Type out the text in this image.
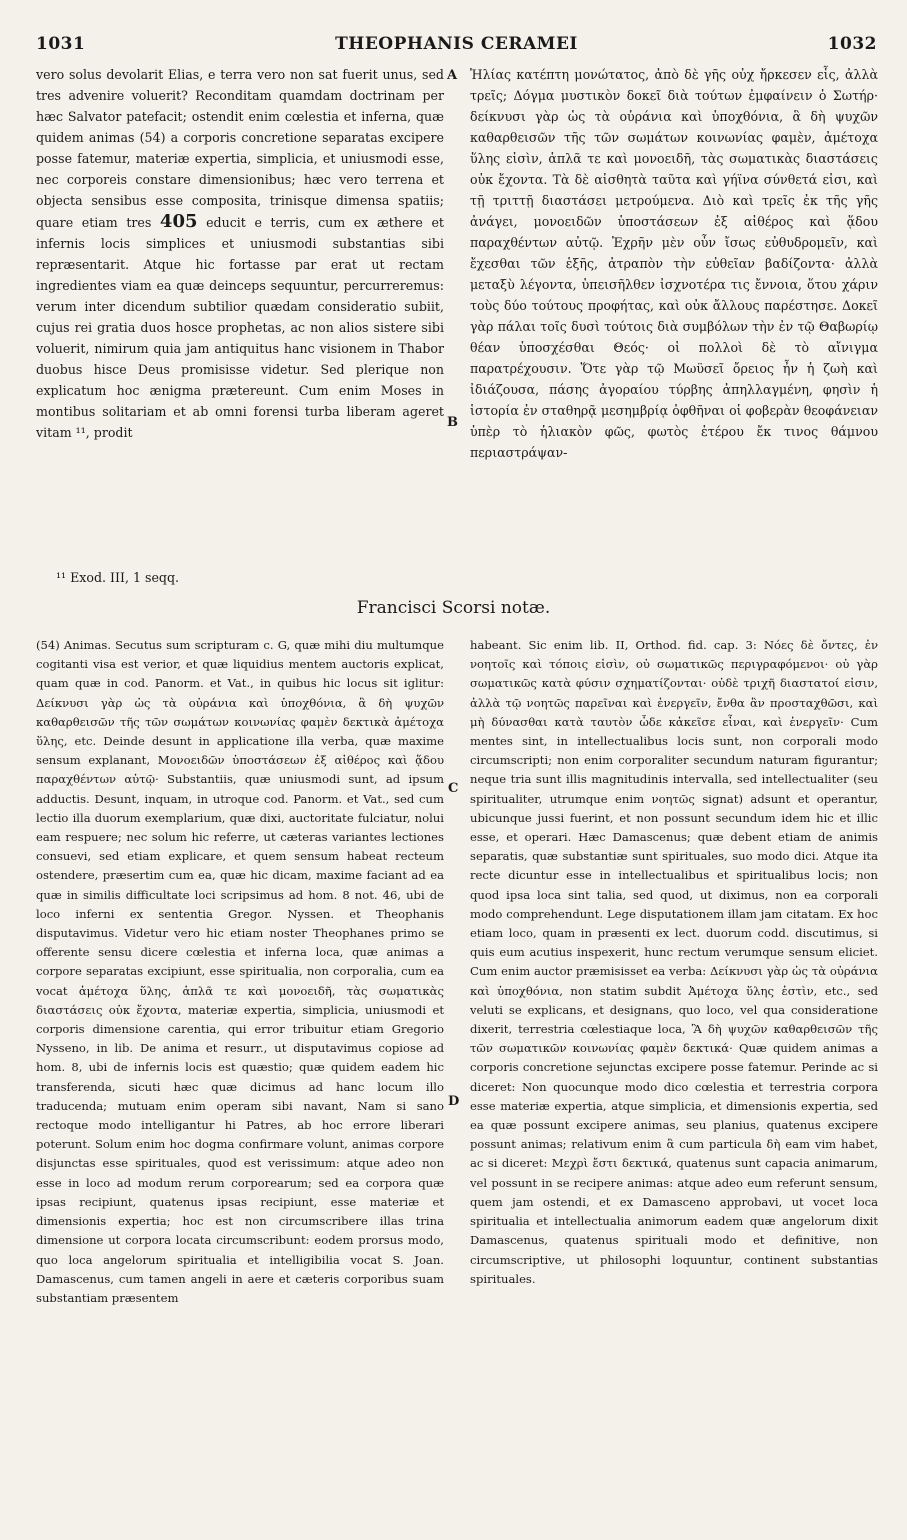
1031	THEOPHANIS CERAMEI	1032

vero solus devolarit Elias, e terra vero non sat fuerit unus, sed tres advenire voluerit? Reconditam quamdam doctrinam per hæc Salvator patefacit; ostendit enim cœlestia et inferna, quæ quidem animas (54) a corporis concretione separatas excipere posse fatemur, materiæ expertia, simplicia, et uniusmodi esse, nec corporeis constare dimensionibus; hæc vero terrena et objecta sensibus esse composita, trinisque dimensa spatiis; quare etiam tres 405 educit e terris, cum ex æthere et infernis locis simplices et uniusmodi substantias sibi repræsentarit. Atque hic fortasse par erat ut rectam ingredientes viam ea quæ deinceps sequuntur, percurreremus: verum inter dicendum subtilior quædam consideratio subiit, cujus rei gratia duos hosce prophetas, ac non alios sistere sibi voluerit, nimirum quia jam antiquitus hanc visionem in Thabor duobus hisce Deus promisisse videtur. Sed plerique non explicatum hoc ænigma prætereunt. Cum enim Moses in montibus solitariam et ab omni forensi turba liberam ageret vitam ¹¹, prodit

A
B

Ἠλίας κατέπτη μονώτατος, ἀπὸ δὲ γῆς οὐχ ἤρκεσεν εἷς, ἀλλὰ τρεῖς; Δόγμα μυστικὸν δοκεῖ διὰ τούτων ἐμφαίνειν ὁ Σωτήρ· δείκνυσι γὰρ ὡς τὰ οὐράνια καὶ ὑποχθόνια, ἃ δὴ ψυχῶν καθαρθεισῶν τῆς τῶν σωμάτων κοινωνίας φαμὲν, ἀμέτοχα ὕλης εἰσὶν, ἁπλᾶ τε καὶ μονοειδῆ, τὰς σωματικὰς διαστάσεις οὐκ ἔχοντα. Τὰ δὲ αἰσθητὰ ταῦτα καὶ γήϊνα σύνθετά εἰσι, καὶ τῇ τριττῇ διαστάσει μετρούμενα. Διὸ καὶ τρεῖς ἐκ τῆς γῆς ἀνάγει, μονοειδῶν ὑποστάσεων ἐξ αἰθέρος καὶ ᾅδου παραχθέντων αὐτῷ. Ἐχρῆν μὲν οὖν ἴσως εὐθυδρομεῖν, καὶ ἔχεσθαι τῶν ἑξῆς, ἀτραπὸν τὴν εὐθεῖαν βαδίζοντα· ἀλλὰ μεταξὺ λέγοντα, ὑπεισῆλθεν ἰσχνοτέρα τις ἔννοια, ὅτου χάριν τοὺς δύο τούτους προφήτας, καὶ οὐκ ἄλλους παρέστησε. Δοκεῖ γὰρ πάλαι τοῖς δυσὶ τούτοις διὰ συμβόλων τὴν ἐν τῷ Θαβωρίῳ θέαν ὑποσχέσθαι Θεός· οἱ πολλοὶ δὲ τὸ αἴνιγμα παρατρέχουσιν. Ὅτε γὰρ τῷ Μωϋσεῖ ὄρειος ἦν ἡ ζωὴ καὶ ἰδιάζουσα, πάσης ἀγοραίου τύρβης ἀπηλλαγμένη, φησὶν ἡ ἱστορία ἐν σταθηρᾷ μεσημβρίᾳ ὀφθῆναι οἱ φοβερὰν θεοφάνειαν ὑπὲρ τὸ ἡλιακὸν φῶς, φωτὸς ἑτέρου ἔκ τινος θάμνου περιαστράψαν-

¹¹ Exod. III, 1 seqq.
Francisci Scorsi notæ.

(54) Animas. Secutus sum scripturam c. G, quæ mihi diu multumque cogitanti visa est verior, et quæ liquidius mentem auctoris explicat, quam quæ in cod. Panorm. et Vat., in quibus hic locus sit iglitur: Δείκνυσι γὰρ ὡς τὰ οὐράνια καὶ ὑποχθόνια, ἃ δὴ ψυχῶν καθαρθεισῶν τῆς τῶν σωμάτων κοινωνίας φαμὲν δεκτικὰ ἀμέτοχα ὕλης, etc. Deinde desunt in applicatione illa verba, quæ maxime sensum explanant, Μονοειδῶν ὑποστάσεων ἐξ αἰθέρος καὶ ᾅδου παραχθέντων αὐτῷ· Substantiis, quæ uniusmodi sunt, ad ipsum adductis. Desunt, inquam, in utroque cod. Panorm. et Vat., sed cum lectio illa duorum exemplarium, quæ dixi, auctoritate fulciatur, nolui eam respuere; nec solum hic referre, ut cæteras variantes lectiones consuevi, sed etiam explicare, et quem sensum habeat recteum ostendere, præsertim cum ea, quæ hic dicam, maxime faciant ad ea quæ in similis difficultate loci scripsimus ad hom. 8 not. 46, ubi de loco inferni ex sententia Gregor. Nyssen. et Theophanis disputavimus. Videtur vero hic etiam noster Theophanes primo se offerente sensu dicere cœlestia et inferna loca, quæ animas a corpore separatas excipiunt, esse spiritualia, non corporalia, cum ea vocat ἀμέτοχα ὕλης, ἁπλᾶ τε καὶ μονοειδῆ, τὰς σωματικὰς διαστάσεις οὐκ ἔχοντα, materiæ expertia, simplicia, uniusmodi et corporis dimensione carentia, qui error tribuitur etiam Gregorio Nysseno, in lib. De anima et resurr., ut disputavimus copiose ad hom. 8, ubi de infernis locis est quæstio; quæ quidem eadem hic transferenda, sicuti hæc quæ dicimus ad hanc locum illo traducenda; mutuam enim operam sibi navant, Nam si sano rectoque modo intelligantur hi Patres, ab hoc errore liberari poterunt. Solum enim hoc dogma confirmare volunt, animas corpore disjunctas esse spirituales, quod est verissimum: atque adeo non esse in loco ad modum rerum corporearum; sed ea corpora quæ ipsas recipiunt, quatenus ipsas recipiunt, esse materiæ et dimensionis expertia; hoc est non circumscribere illas trina dimensione ut corpora locata circumscribunt: eodem prorsus modo, quo loca angelorum spiritualia et intelligibilia vocat S. Joan. Damascenus, cum tamen angeli in aere et cæteris corporibus suam substantiam præsentem

C
D

habeant. Sic enim lib. II, Orthod. fid. cap. 3: Νόες δὲ ὄντες, ἐν νοητοῖς καὶ τόποις εἰσὶν, οὐ σωματικῶς περιγραφόμενοι· οὐ γὰρ σωματικῶς κατὰ φύσιν σχηματίζονται· οὐδὲ τριχῆ διαστατοί εἰσιν, ἀλλὰ τῷ νοητῶς παρεῖναι καὶ ἐνεργεῖν, ἔνθα ἂν προσταχθῶσι, καὶ μὴ δύνασθαι κατὰ ταυτὸν ὧδε κἀκεῖσε εἶναι, καὶ ἐνεργεῖν· Cum mentes sint, in intellectualibus locis sunt, non corporali modo circumscripti; non enim corporaliter secundum naturam figurantur; neque tria sunt illis magnitudinis intervalla, sed intellectualiter (seu spiritualiter, utrumque enim νοητῶς signat) adsunt et operantur, ubicunque jussi fuerint, et non possunt secundum idem hic et illic esse, et operari. Hæc Damascenus; quæ debent etiam de animis separatis, quæ substantiæ sunt spirituales, suo modo dici. Atque ita recte dicuntur esse in intellectualibus et spiritualibus locis; non quod ipsa loca sint talia, sed quod, ut diximus, non ea corporali modo comprehendunt. Lege disputationem illam jam citatam. Ex hoc etiam loco, quam in præsenti ex lect. duorum codd. discutimus, si quis eum acutius inspexerit, hunc rectum verumque sensum eliciet. Cum enim auctor præmisisset ea verba: Δείκνυσι γὰρ ὡς τὰ οὐράνια καὶ ὑποχθόνια, non statim subdit Ἀμέτοχα ὕλης ἐστὶν, etc., sed veluti se explicans, et designans, quo loco, vel qua consideratione dixerit, terrestria cœlestiaque loca, Ἃ δὴ ψυχῶν καθαρθεισῶν τῆς τῶν σωματικῶν κοινωνίας φαμὲν δεκτικά· Quæ quidem animas a corporis concretione sejunctas excipere posse fatemur. Perinde ac si diceret: Non quocunque modo dico cœlestia et terrestria corpora esse materiæ expertia, atque simplicia, et dimensionis expertia, sed ea quæ possunt excipere animas, seu planius, quatenus excipere possunt animas; relativum enim ἃ cum particula δὴ eam vim habet, ac si diceret: Μεχρὶ ἔστι δεκτικά, quatenus sunt capacia animarum, vel possunt in se recipere animas: atque adeo eum referunt sensum, quem jam ostendi, et ex Damasceno approbavi, ut vocet loca spiritualia et intellectualia animorum eadem quæ angelorum dixit Damascenus, quatenus spirituali modo et definitive, non circumscriptive, ut philosophi loquuntur, continent substantias spirituales.
